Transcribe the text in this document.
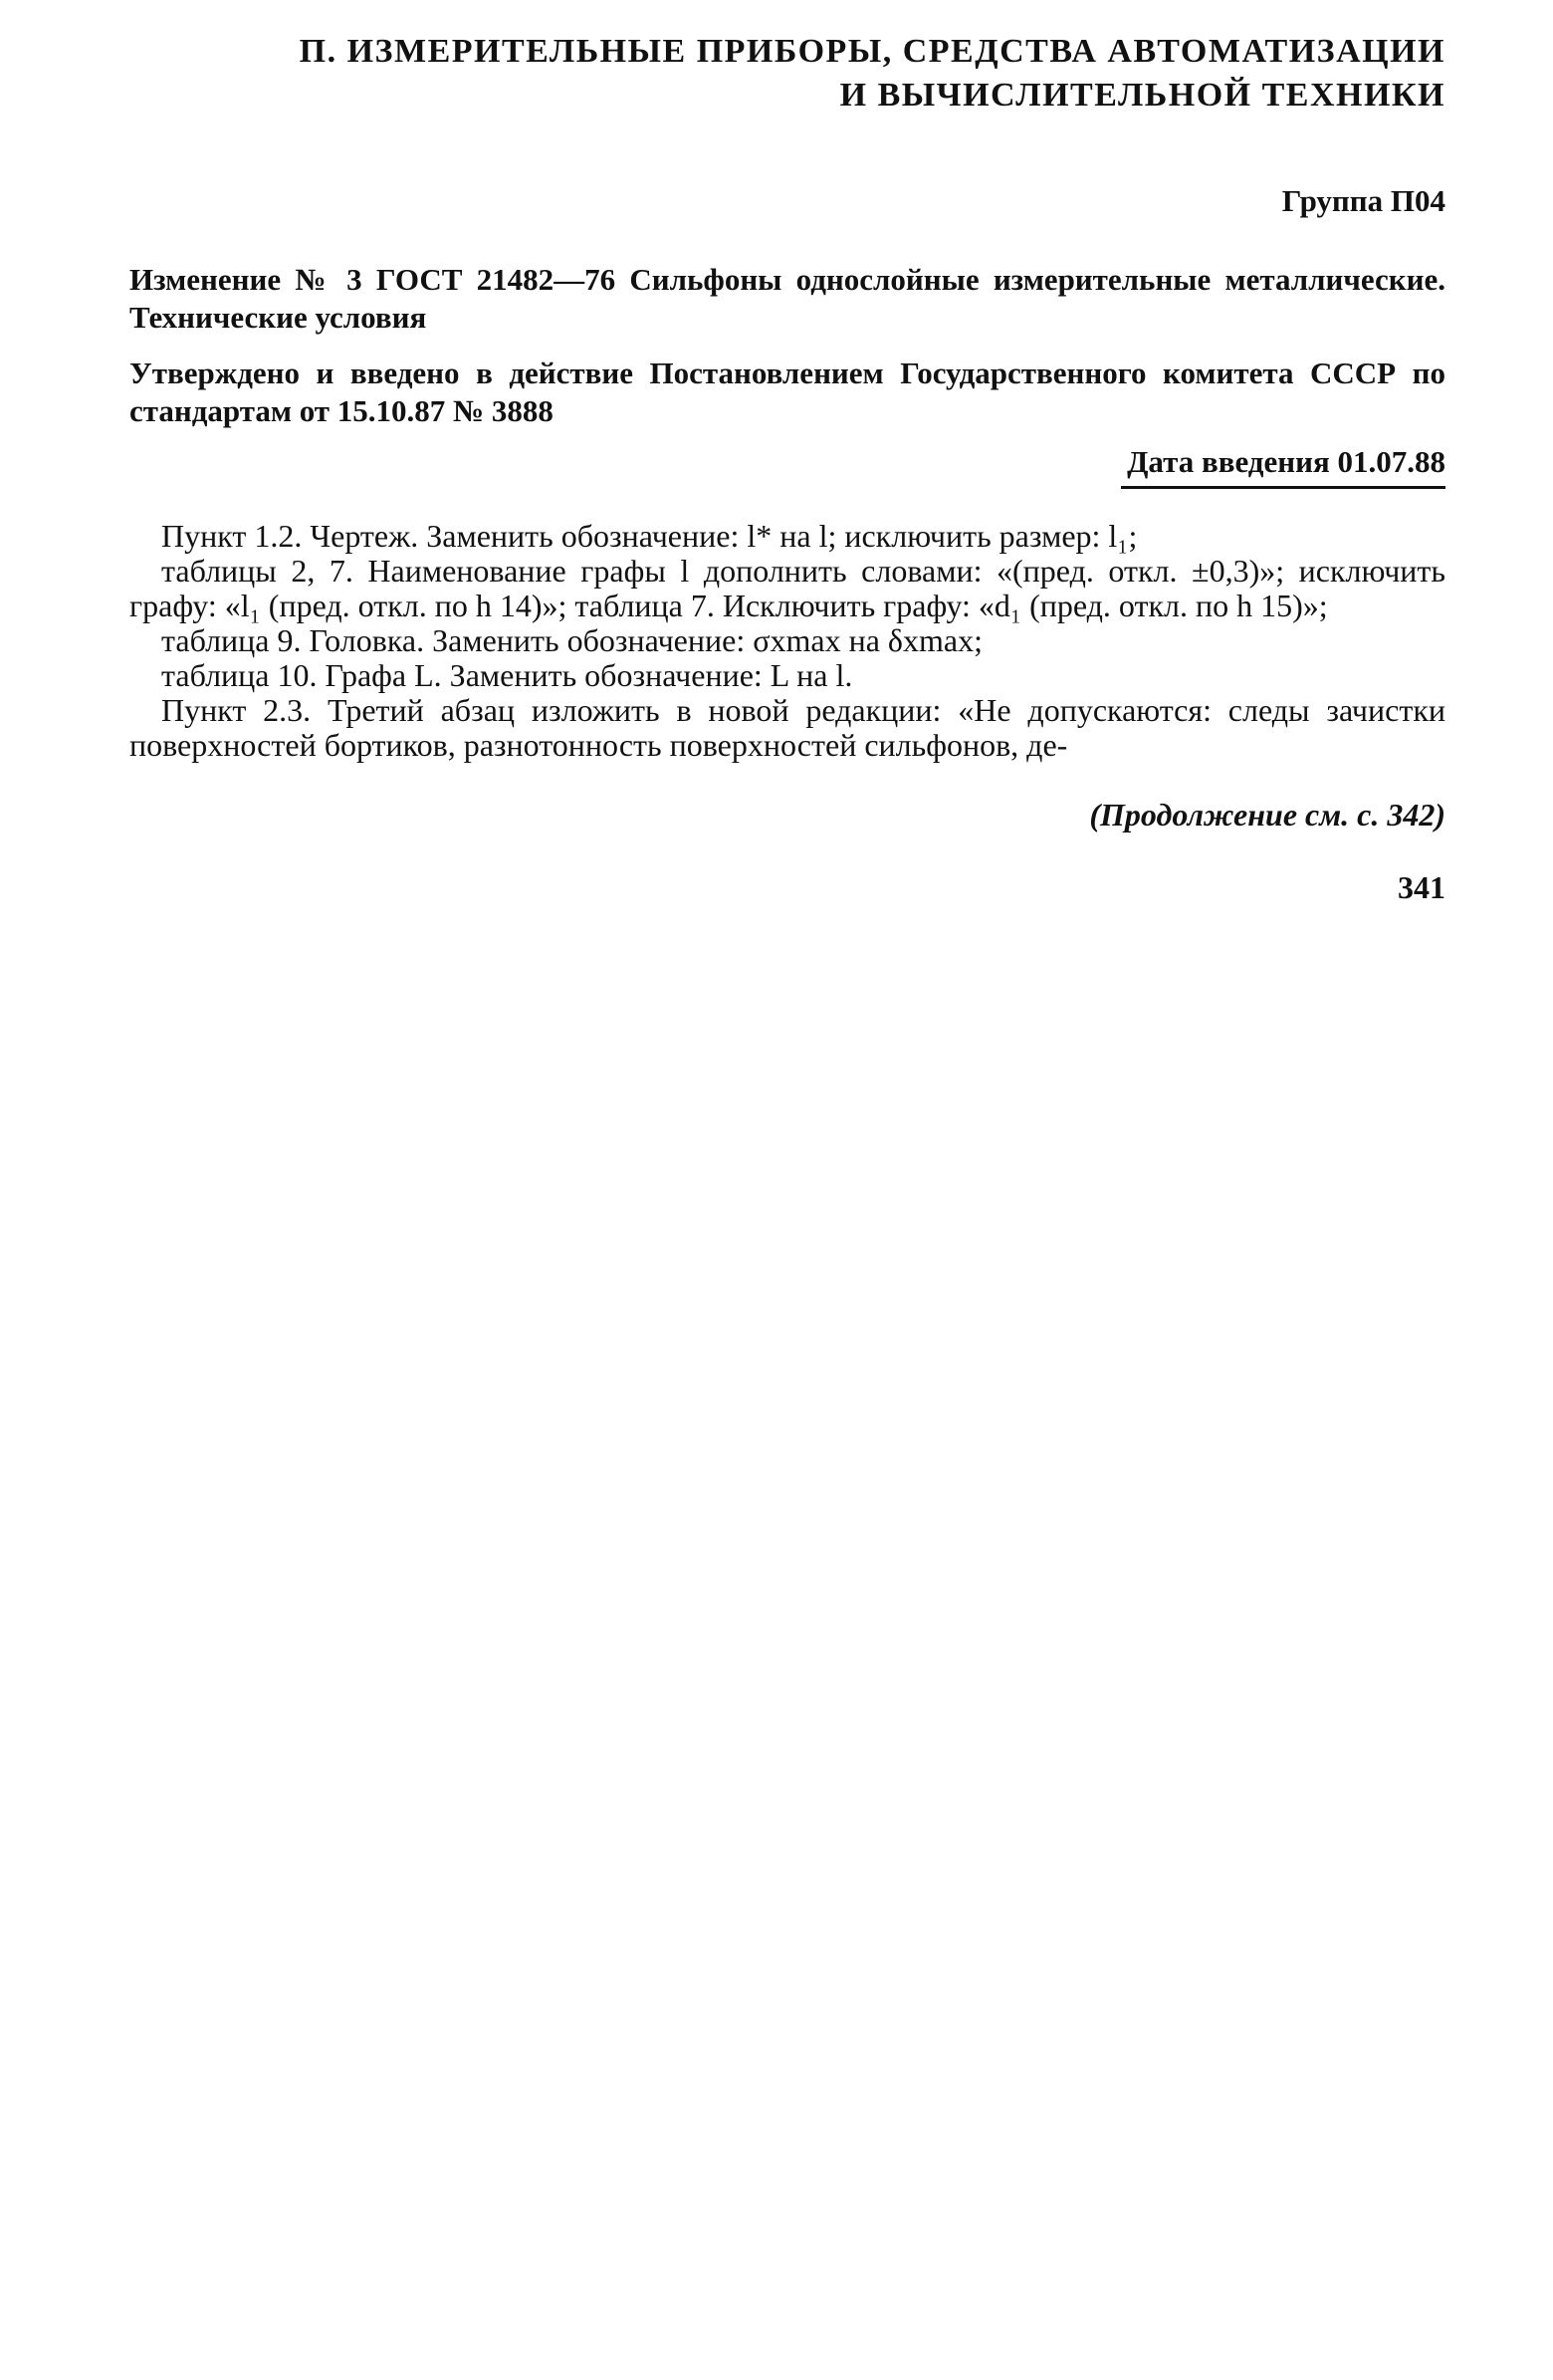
П. ИЗМЕРИТЕЛЬНЫЕ ПРИБОРЫ, СРЕДСТВА АВТОМАТИЗАЦИИ
И ВЫЧИСЛИТЕЛЬНОЙ ТЕХНИКИ
Группа П04
Изменение № 3 ГОСТ 21482—76 Сильфоны однослойные измерительные металлические. Технические условия
Утверждено и введено в действие Постановлением Государственного комитета СССР по стандартам от 15.10.87 № 3888
Дата введения 01.07.88

Пункт 1.2. Чертеж. Заменить обозначение: l* на l; исключить размер: l₁;

таблицы 2, 7. Наименование графы l дополнить словами: «(пред. откл. ±0,3)»; исключить графу: «l₁ (пред. откл. по h 14)»; таблица 7. Исключить графу: «d₁ (пред. откл. по h 15)»;

таблица 9. Головка. Заменить обозначение: σxmax на δxmax;

таблица 10. Графа L. Заменить обозначение: L на l.

Пункт 2.3. Третий абзац изложить в новой редакции: «Не допускаются: следы зачистки поверхностей бортиков, разнотонность поверхностей сильфонов, де-

(Продолжение см. с. 342)
341
